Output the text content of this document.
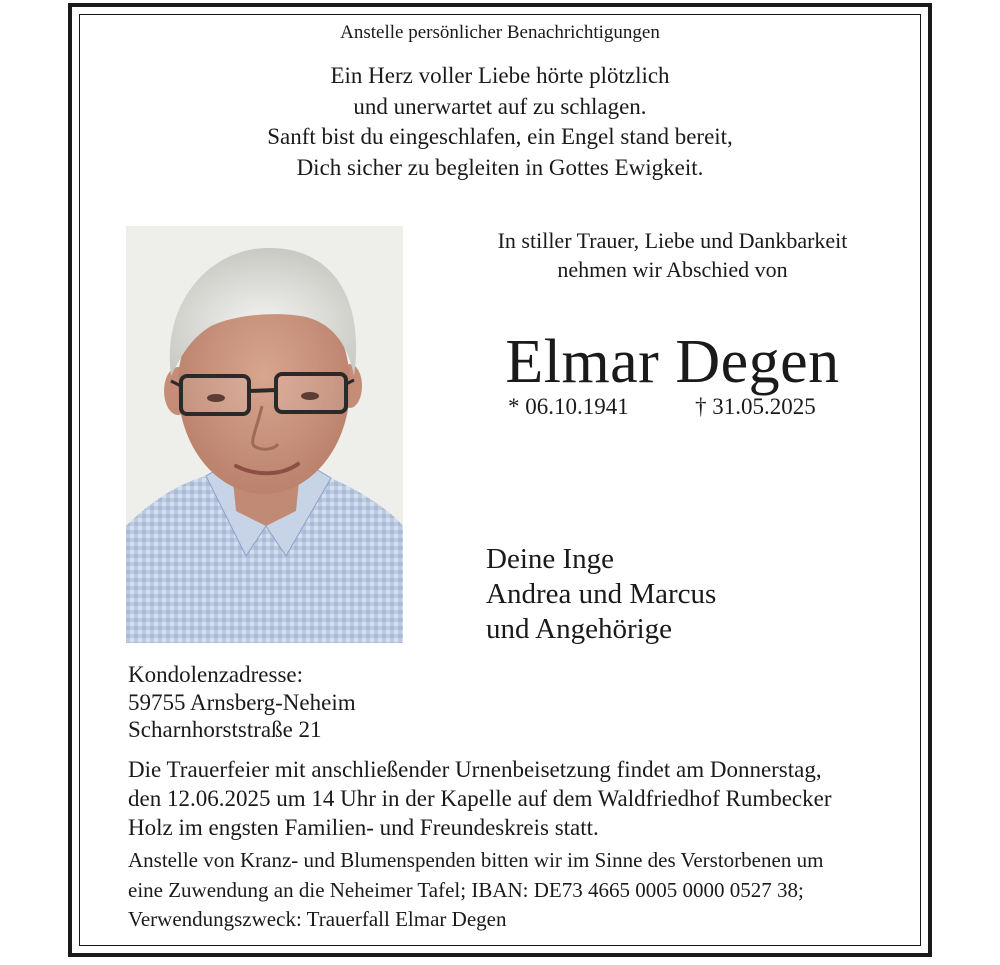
Anstelle persönlicher Benachrichtigungen

Ein Herz voller Liebe hörte plötzlich
und unerwartet auf zu schlagen.
Sanft bist du eingeschlafen, ein Engel stand bereit,
Dich sicher zu begleiten in Gottes Ewigkeit.
In stiller Trauer, Liebe und Dankbarkeit
nehmen wir Abschied von
Elmar Degen
* 06.10.1941	† 31.05.2025
Deine Inge
Andrea und Marcus
und Angehörige
Kondolenzadresse:
59755 Arnsberg-Neheim
Scharnhorststraße 21
Die Trauerfeier mit anschließender Urnenbeisetzung findet am Donnerstag,
den 12.06.2025 um 14 Uhr in der Kapelle auf dem Waldfriedhof Rumbecker
Holz im engsten Familien- und Freundeskreis statt.
Anstelle von Kranz- und Blumenspenden bitten wir im Sinne des Verstorbenen um
eine Zuwendung an die Neheimer Tafel; IBAN: DE73 4665 0005 0000 0527 38;
Verwendungszweck: Trauerfall Elmar Degen
